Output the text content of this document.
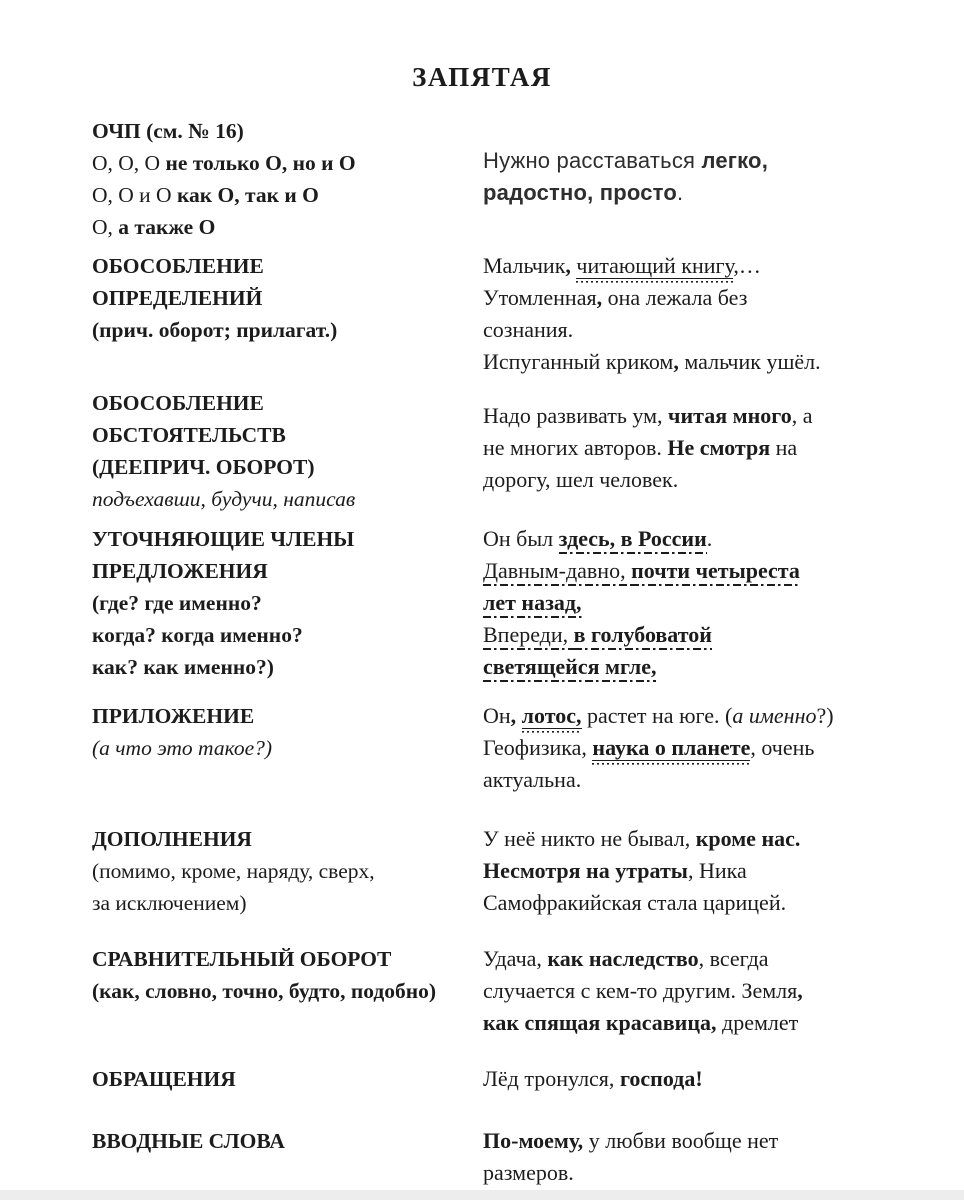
ЗАПЯТАЯ

ОЧП (см. № 16)

О, О, О не только О, но и О

О, О и О как О, так и О

О, а также О

Нужно расставаться легко,

радостно, просто.

ОБОСОБЛЕНИЕ

ОПРЕДЕЛЕНИЙ

(прич. оборот; прилагат.)

Мальчик, читающий книгу,…

Утомленная, она лежала без

сознания.

Испуганный криком, мальчик ушёл.

ОБОСОБЛЕНИЕ

ОБСТОЯТЕЛЬСТВ

(ДЕЕПРИЧ. ОБОРОТ)

подъехавши, будучи, написав

Надо развивать ум, читая много, а

не многих авторов. Не смотря на

дорогу, шел человек.

УТОЧНЯЮЩИЕ ЧЛЕНЫ

ПРЕДЛОЖЕНИЯ

(где? где именно?

когда? когда именно?

как? как именно?)

Он был здесь, в России.

Давным-давно, почти четыреста

лет назад,

Впереди, в голубоватой

светящейся мгле,

ПРИЛОЖЕНИЕ

(а что это такое?)

Он, лотос, растет на юге. (а именно?)

Геофизика, наука о планете, очень

актуальна.

ДОПОЛНЕНИЯ

(помимо, кроме, наряду, сверх,

за исключением)

У неё никто не бывал, кроме нас.

Несмотря на утраты, Ника

Самофракийская стала царицей.

СРАВНИТЕЛЬНЫЙ ОБОРОТ

(как, словно, точно, будто, подобно)

Удача, как наследство, всегда

случается с кем-то другим. Земля,

как спящая красавица, дремлет

ОБРАЩЕНИЯ	Лёд тронулся, господа!

ВВОДНЫЕ СЛОВА	По-моему, у любви вообще нет

размеров.
